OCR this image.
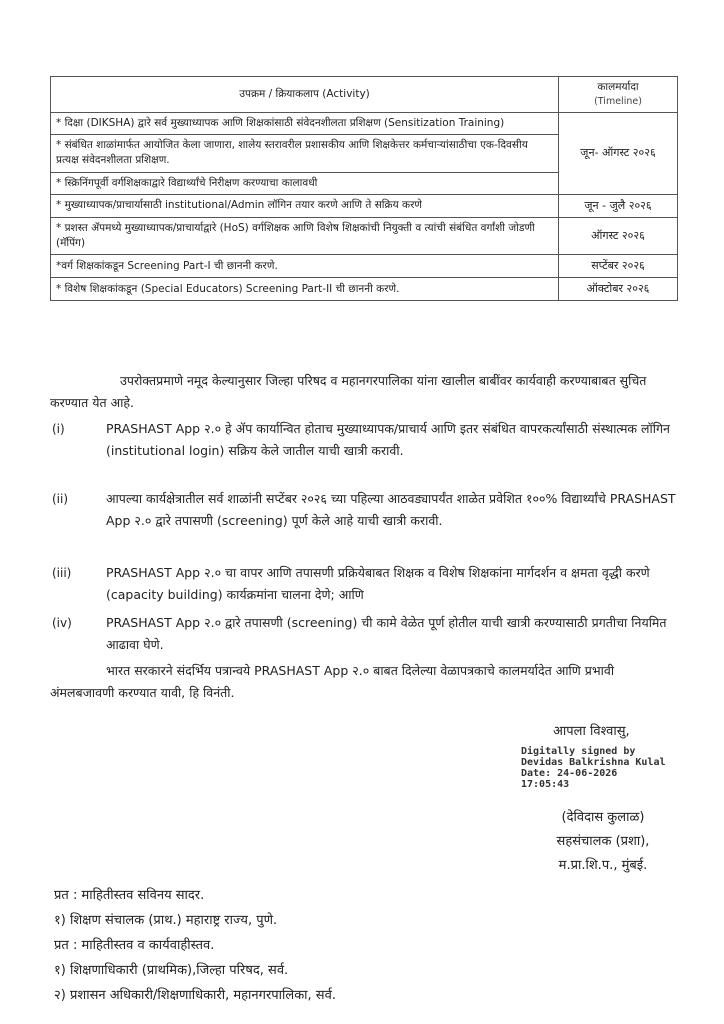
उपक्रम / क्रियाकलाप (Activity)	कालमर्यादा
(Timeline)

* दिक्षा (DIKSHA) द्वारे सर्व मुख्याध्यापक आणि शिक्षकांसाठी संवेदनशीलता प्रशिक्षण (Sensitization Training)
* संबंधित शाळांमार्फत आयोजित केला जाणारा, शालेय स्तरावरील प्रशासकीय आणि शिक्षकेत्तर कर्मचाऱ्यांसाठीचा एक-दिवसीय प्रत्यक्ष संवेदनशीलता प्रशिक्षण.
* स्क्रिनिंगपूर्वी वर्गशिक्षकाद्वारे विद्यार्थ्यांचे निरीक्षण करण्याचा कालावधी	जून- ऑगस्ट २०२६
* मुख्याध्यापक/प्राचार्यासाठी institutional/Admin लॉगिन तयार करणे आणि ते सक्रिय करणे	जून - जुलै २०२६
* प्रशस्त ॲपमध्ये मुख्याध्यापक/प्राचार्याद्वारे (HoS) वर्गशिक्षक आणि विशेष शिक्षकांची नियुक्ती व त्यांची संबंधित वर्गांशी जोडणी (मॅपिंग)	ऑगस्ट २०२६
*वर्ग शिक्षकांकडून Screening Part-I ची छाननी करणे.	सप्टेंबर २०२६
* विशेष शिक्षकांकडून (Special Educators) Screening Part-II ची छाननी करणे.	ऑक्टोबर २०२६
उपरोक्तप्रमाणे नमूद केल्यानुसार जिल्हा परिषद व महानगरपालिका यांना खालील बाबींवर कार्यवाही करण्याबाबत सुचित करण्यात येत आहे.
(i)	PRASHAST App २.० हे ॲप कार्यान्वित होताच मुख्याध्यापक/प्राचार्य आणि इतर संबंधित वापरकर्त्यांसाठी संस्थात्मक लॉगिन (institutional login) सक्रिय केले जातील याची खात्री करावी.
(ii)	आपल्या कार्यक्षेत्रातील सर्व शाळांनी सप्टेंबर २०२६ च्या पहिल्या आठवड्यापर्यंत शाळेत प्रवेशित १००% विद्यार्थ्यांचे PRASHAST App २.० द्वारे तपासणी (screening) पूर्ण केले आहे याची खात्री करावी.
(iii)	PRASHAST App २.० चा वापर आणि तपासणी प्रक्रियेबाबत शिक्षक व विशेष शिक्षकांना मार्गदर्शन व क्षमता वृद्धी करणे (capacity building) कार्यक्रमांना चालना देणे; आणि
(iv)	PRASHAST App २.० द्वारे तपासणी (screening) ची कामे वेळेत पूर्ण होतील याची खात्री करण्यासाठी प्रगतीचा नियमित आढावा घेणे.
भारत सरकारने संदर्भिय पत्रान्वये PRASHAST App २.० बाबत दिलेल्या वेळापत्रकाचे कालमर्यादेत आणि प्रभावी अंमलबजावणी करण्यात यावी, हि विनंती.
आपला विश्वासु,
Digitally signed by
Devidas Balkrishna Kulal
Date: 24-06-2026
17:05:43
(देविदास कुलाळ)
सहसंचालक (प्रशा),
म.प्रा.शि.प., मुंबई.
प्रत : माहितीस्तव सविनय सादर.
१) शिक्षण संचालक (प्राथ.) महाराष्ट्र राज्य, पुणे.
प्रत : माहितीस्तव व कार्यवाहीस्तव.
१) शिक्षणाधिकारी (प्राथमिक),जिल्हा परिषद, सर्व.
२) प्रशासन अधिकारी/शिक्षणाधिकारी, महानगरपालिका, सर्व.
